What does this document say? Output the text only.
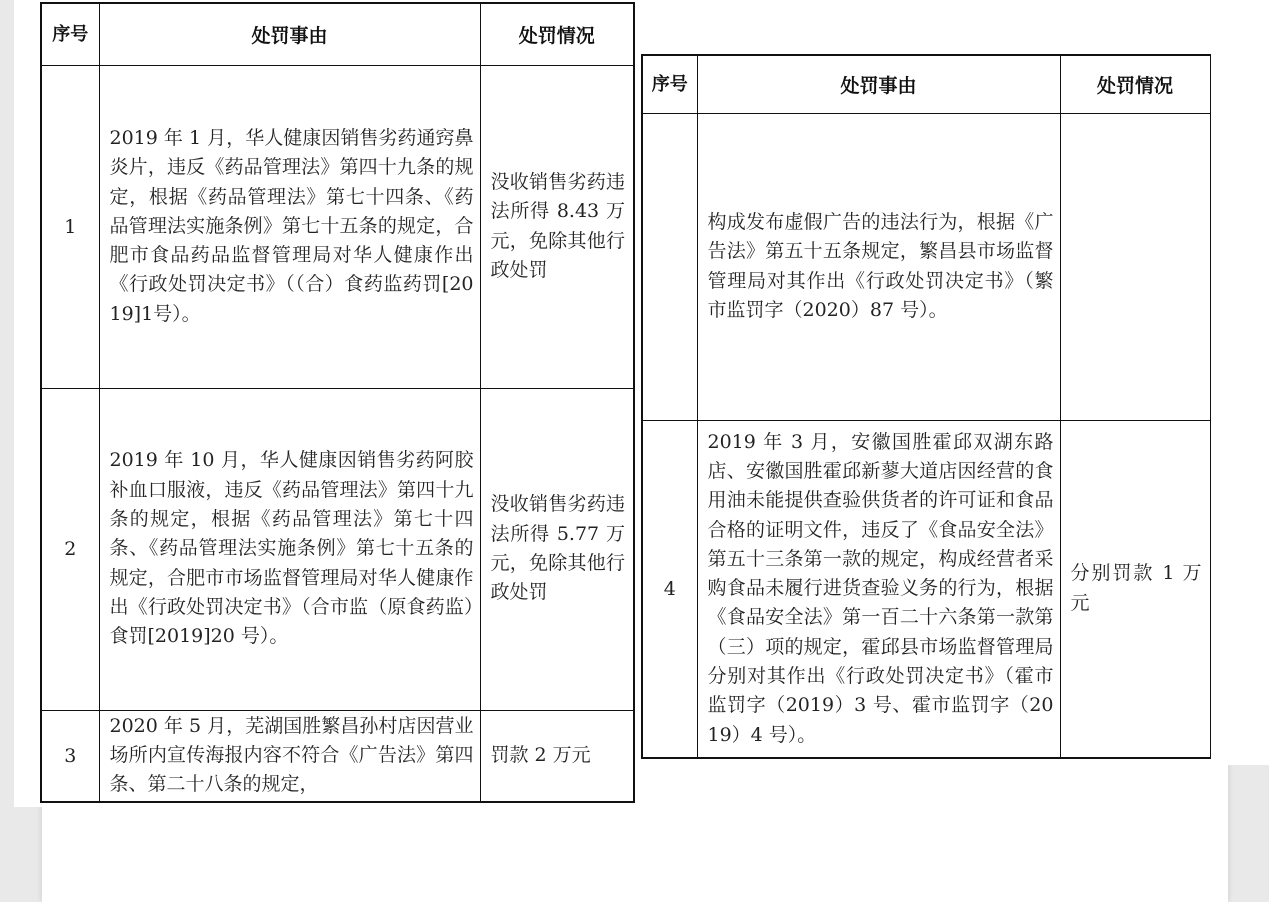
序号	处罚事由	处罚情况
1	2019 年 1 月，华人健康因销售劣药通窍鼻炎片，违反《药品管理法》第四十九条的规定，根据《药品管理法》第七十四条、《药品管理法实施条例》第七十五条的规定，合肥市食品药品监督管理局对华人健康作出《行政处罚决定书》（（合）食药监药罚[2019]1号）。	没收销售劣药违法所得 8.43 万元，免除其他行政处罚

2	2019 年 10 月，华人健康因销售劣药阿胶补血口服液，违反《药品管理法》第四十九条的规定，根据《药品管理法》第七十四条、《药品管理法实施条例》第七十五条的规定，合肥市市场监督管理局对华人健康作出《行政处罚决定书》（合市监（原食药监）食罚[2019]20 号）。	没收销售劣药违法所得 5.77 万元，免除其他行政处罚

3	2020 年 5 月，芜湖国胜繁昌孙村店因营业场所内宣传海报内容不符合《广告法》第四条、第二十八条的规定，	罚款 2 万元
序号	处罚事由	处罚情况

	构成发布虚假广告的违法行为，根据《广告法》第五十五条规定，繁昌县市场监督管理局对其作出《行政处罚决定书》（繁市监罚字（2020）87 号）。	

4	2019 年 3 月，安徽国胜霍邱双湖东路店、安徽国胜霍邱新蓼大道店因经营的食用油未能提供查验供货者的许可证和食品合格的证明文件，违反了《食品安全法》第五十三条第一款的规定，构成经营者采购食品未履行进货查验义务的行为，根据《食品安全法》第一百二十六条第一款第（三）项的规定，霍邱县市场监督管理局分别对其作出《行政处罚决定书》（霍市监罚字（2019）3 号、霍市监罚字（2019）4 号）。	分别罚款 1 万元
